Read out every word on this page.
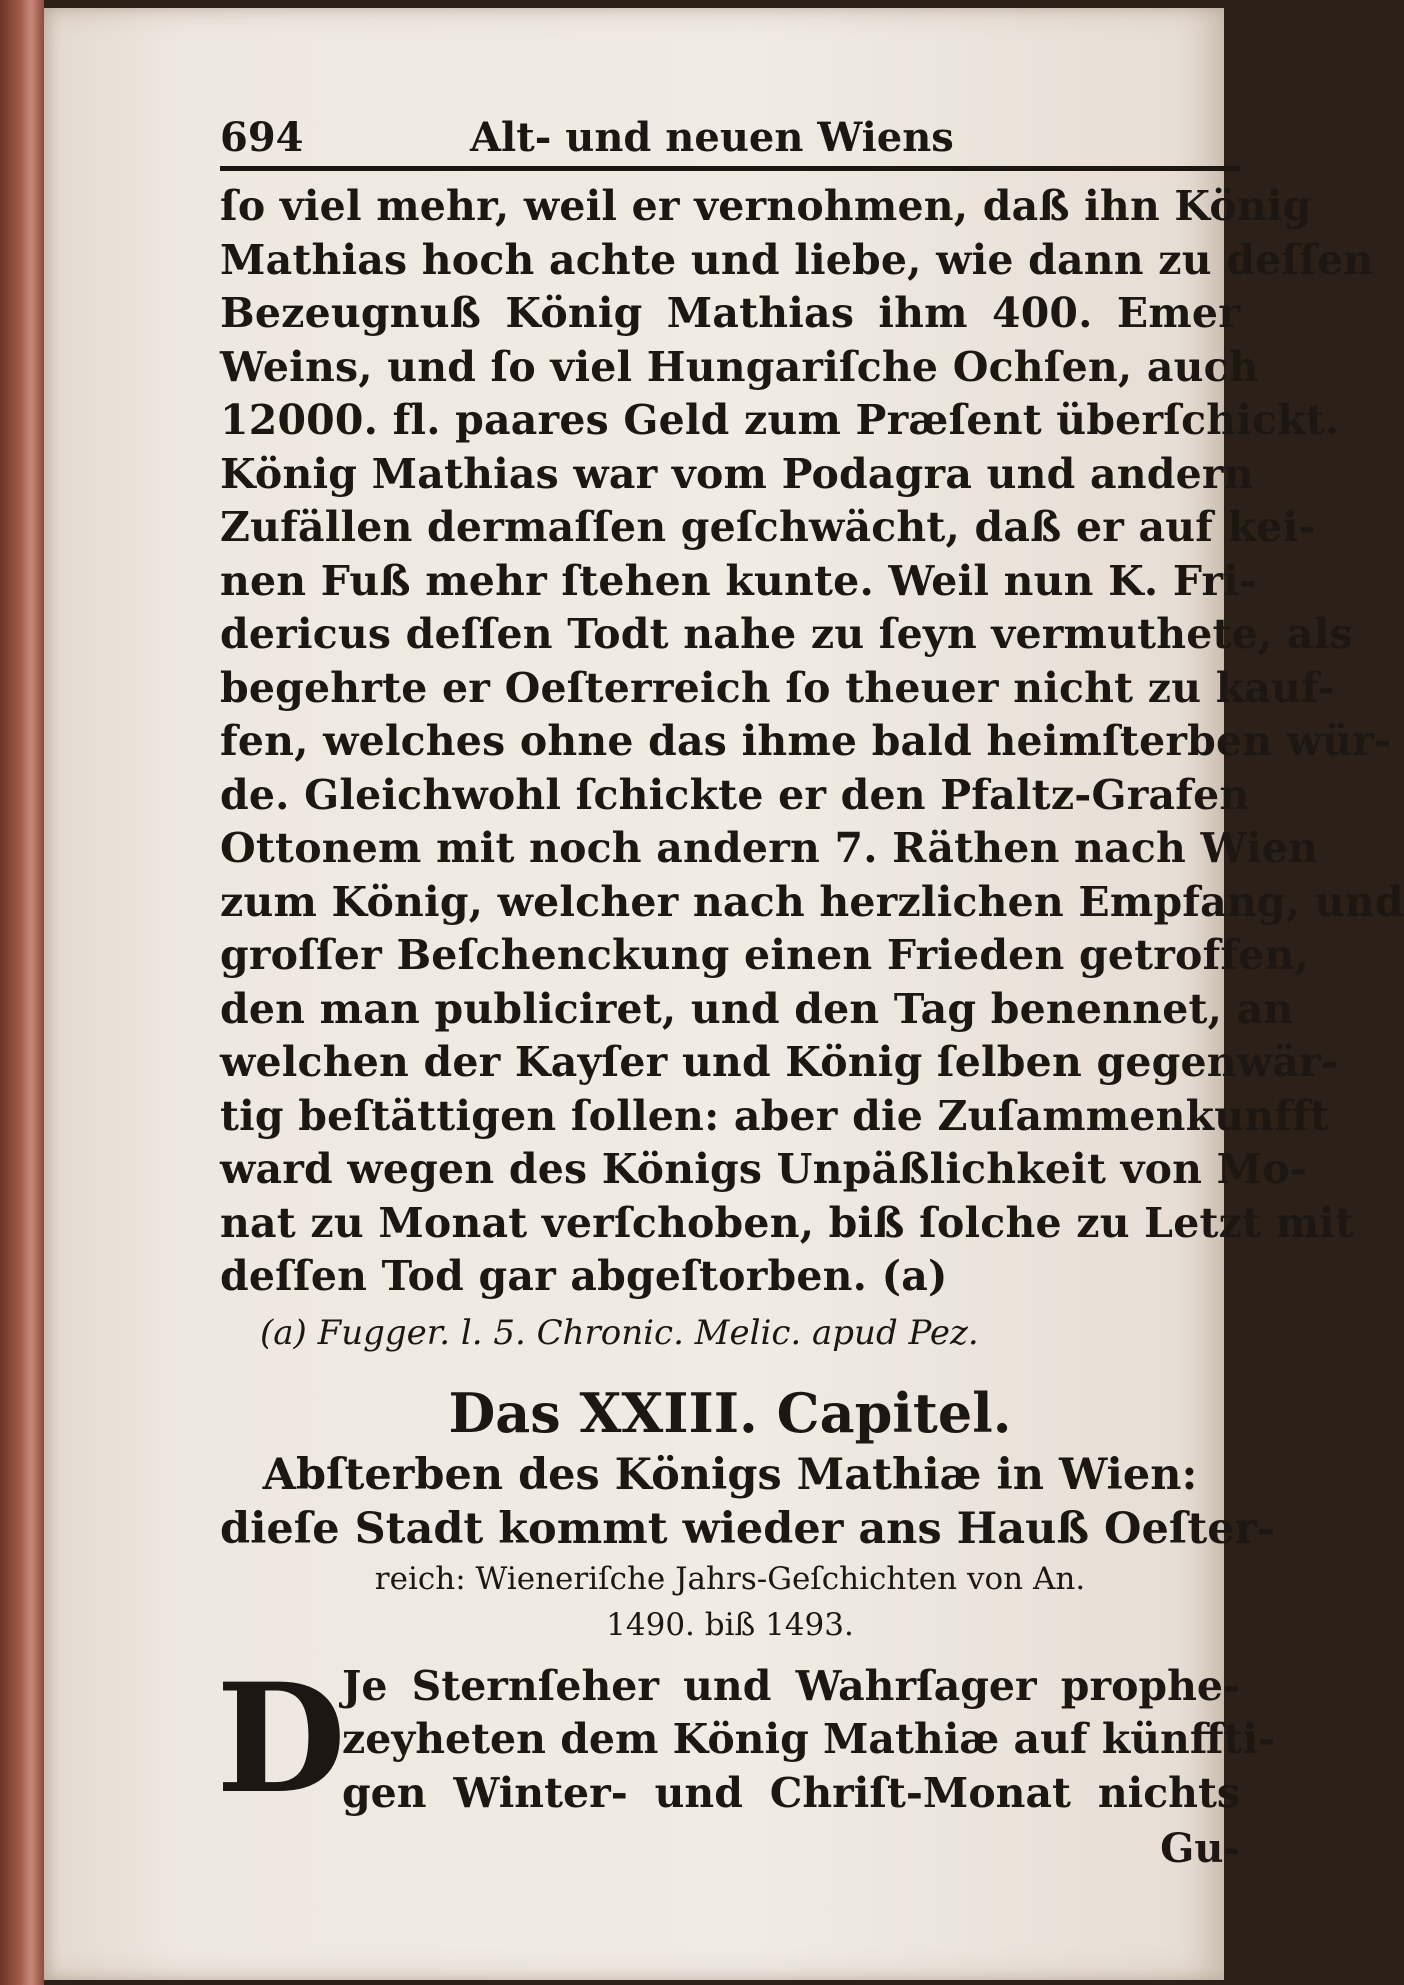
694	Alt- und neuen Wiens
ſo viel mehr, weil er vernohmen, daß ihn König
Mathias hoch achte und liebe, wie dann zu deſſen
Bezeugnuß König Mathias ihm 400. Emer
Weins, und ſo viel Hungariſche Ochſen, auch
12000. fl. paares Geld zum Præſent überſchickt.
König Mathias war vom Podagra und andern
Zufällen dermaſſen geſchwächt, daß er auf kei-
nen Fuß mehr ſtehen kunte. Weil nun K. Fri-
dericus deſſen Todt nahe zu ſeyn vermuthete, als
begehrte er Oeſterreich ſo theuer nicht zu kauf-
fen, welches ohne das ihme bald heimſterben wür-
de. Gleichwohl ſchickte er den Pfaltz-Grafen
Ottonem mit noch andern 7. Räthen nach Wien
zum König, welcher nach herzlichen Empfang, und
groſſer Beſchenckung einen Frieden getroffen,
den man publiciret, und den Tag benennet, an
welchen der Kayſer und König ſelben gegenwär-
tig beſtättigen ſollen: aber die Zuſammenkunfft
ward wegen des Königs Unpäßlichkeit von Mo-
nat zu Monat verſchoben, biß ſolche zu Letzt mit
deſſen Tod gar abgeſtorben. (a)
(a) Fugger. l. 5. Chronic. Melic. apud Pez.
Das XXIII. Capitel.
Abſterben des Königs Mathiæ in Wien:
dieſe Stadt kommt wieder ans Hauß Oeſter-
reich: Wieneriſche Jahrs-Geſchichten von An.
1490. biß 1493.
D
Je Sternſeher und Wahrſager prophe-
zeyheten dem König Mathiæ auf künffti-
gen Winter- und Chriſt-Monat nichts
Gu-
